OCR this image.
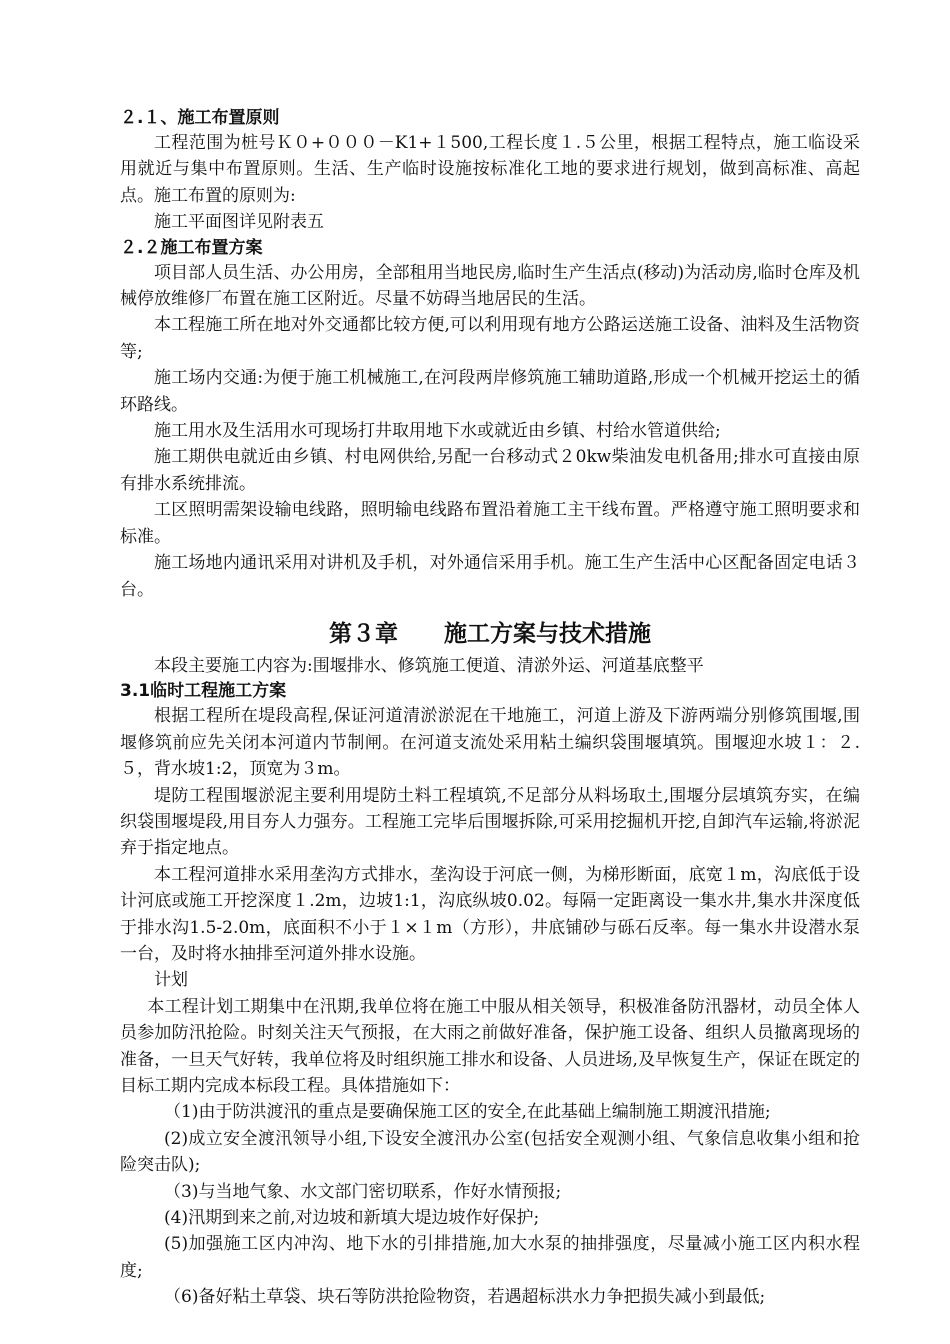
２.１、施工布置原则

工程范围为桩号Ｋ０+０００－K1+１500,工程长度１.５公里，根据工程特点，施工临设采用就近与集中布置原则。生活、生产临时设施按标准化工地的要求进行规划，做到高标准、高起点。施工布置的原则为:

施工平面图详见附表五

２.２施工布置方案

项目部人员生活、办公用房，全部租用当地民房,临时生产生活点(移动)为活动房,临时仓库及机械停放维修厂布置在施工区附近。尽量不妨碍当地居民的生活。

本工程施工所在地对外交通都比较方便,可以利用现有地方公路运送施工设备、油料及生活物资等;

施工场内交通:为便于施工机械施工,在河段两岸修筑施工辅助道路,形成一个机械开挖运土的循环路线。

施工用水及生活用水可现场打井取用地下水或就近由乡镇、村给水管道供给;

施工期供电就近由乡镇、村电网供给,另配一台移动式２0kw柴油发电机备用;排水可直接由原有排水系统排流。

工区照明需架设输电线路，照明输电线路布置沿着施工主干线布置。严格遵守施工照明要求和标准。

施工场地内通讯采用对讲机及手机，对外通信采用手机。施工生产生活中心区配备固定电话３台。

第３章 施工方案与技术措施

本段主要施工内容为:围堰排水、修筑施工便道、清淤外运、河道基底整平

3.1临时工程施工方案

根据工程所在堤段高程,保证河道清淤淤泥在干地施工，河道上游及下游两端分别修筑围堰,围堰修筑前应先关闭本河道内节制闸。在河道支流处采用粘土编织袋围堰填筑。围堰迎水坡１：２.５，背水坡1:2，顶宽为３m。

堤防工程围堰淤泥主要利用堤防土料工程填筑,不足部分从料场取土,围堰分层填筑夯实，在编织袋围堰堤段,用目夯人力强夯。工程施工完毕后围堰拆除,可采用挖掘机开挖,自卸汽车运输,将淤泥弃于指定地点。

本工程河道排水采用垄沟方式排水，垄沟设于河底一侧，为梯形断面，底宽１m，沟底低于设计河底或施工开挖深度１.2m，边坡1:1，沟底纵坡0.02。每隔一定距离设一集水井,集水井深度低于排水沟1.5-2.0m，底面积不小于１×１m（方形），井底铺砂与砾石反率。每一集水井设潜水泵一台，及时将水抽排至河道外排水设施。

计划

本工程计划工期集中在汛期,我单位将在施工中服从相关领导，积极准备防汛器材，动员全体人员参加防汛抢险。时刻关注天气预报，在大雨之前做好准备，保护施工设备、组织人员撤离现场的准备，一旦天气好转，我单位将及时组织施工排水和设备、人员进场,及早恢复生产，保证在既定的目标工期内完成本标段工程。具体措施如下：

（1)由于防洪渡汛的重点是要确保施工区的安全,在此基础上编制施工期渡汛措施;

(2)成立安全渡汛领导小组,下设安全渡汛办公室(包括安全观测小组、气象信息收集小组和抢险突击队);

（3)与当地气象、水文部门密切联系，作好水情预报;

(4)汛期到来之前,对边坡和新填大堤边坡作好保护;

(5)加强施工区内冲沟、地下水的引排措施,加大水泵的抽排强度，尽量减小施工区内积水程度;

（6)备好粘土草袋、块石等防洪抢险物资，若遇超标洪水力争把损失减小到最低;
